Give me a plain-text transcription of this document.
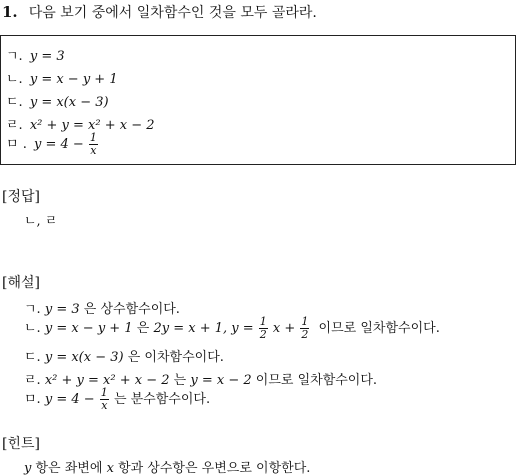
1. 다음 보기 중에서 일차함수인 것을 모두 골라라.
ㄱ. y = 3
ㄴ. y = x − y + 1
ㄷ. y = x(x − 3)
ㄹ. x² + y = x² + x − 2
ㅁ . $y = 4 - \frac{1}{x}$
[정답]
ㄴ, ㄹ
[해설]
ㄱ. y = 3 은 상수함수이다.
ㄴ. y = x − y + 1 은 2y = x + 1, $y = \frac{1}{2}$ $x + \frac{1}{2}$ 이므로 일차함수이다.
ㄷ. y = x(x − 3) 은 이차함수이다.
ㄹ. x² + y = x² + x − 2 는 y = x − 2 이므로 일차함수이다.
ㅁ. $y = 4 - \frac{1}{x}$ 는 분수함수이다.
[힌트]
y 항은 좌변에 x 항과 상수항은 우변으로 이항한다.
